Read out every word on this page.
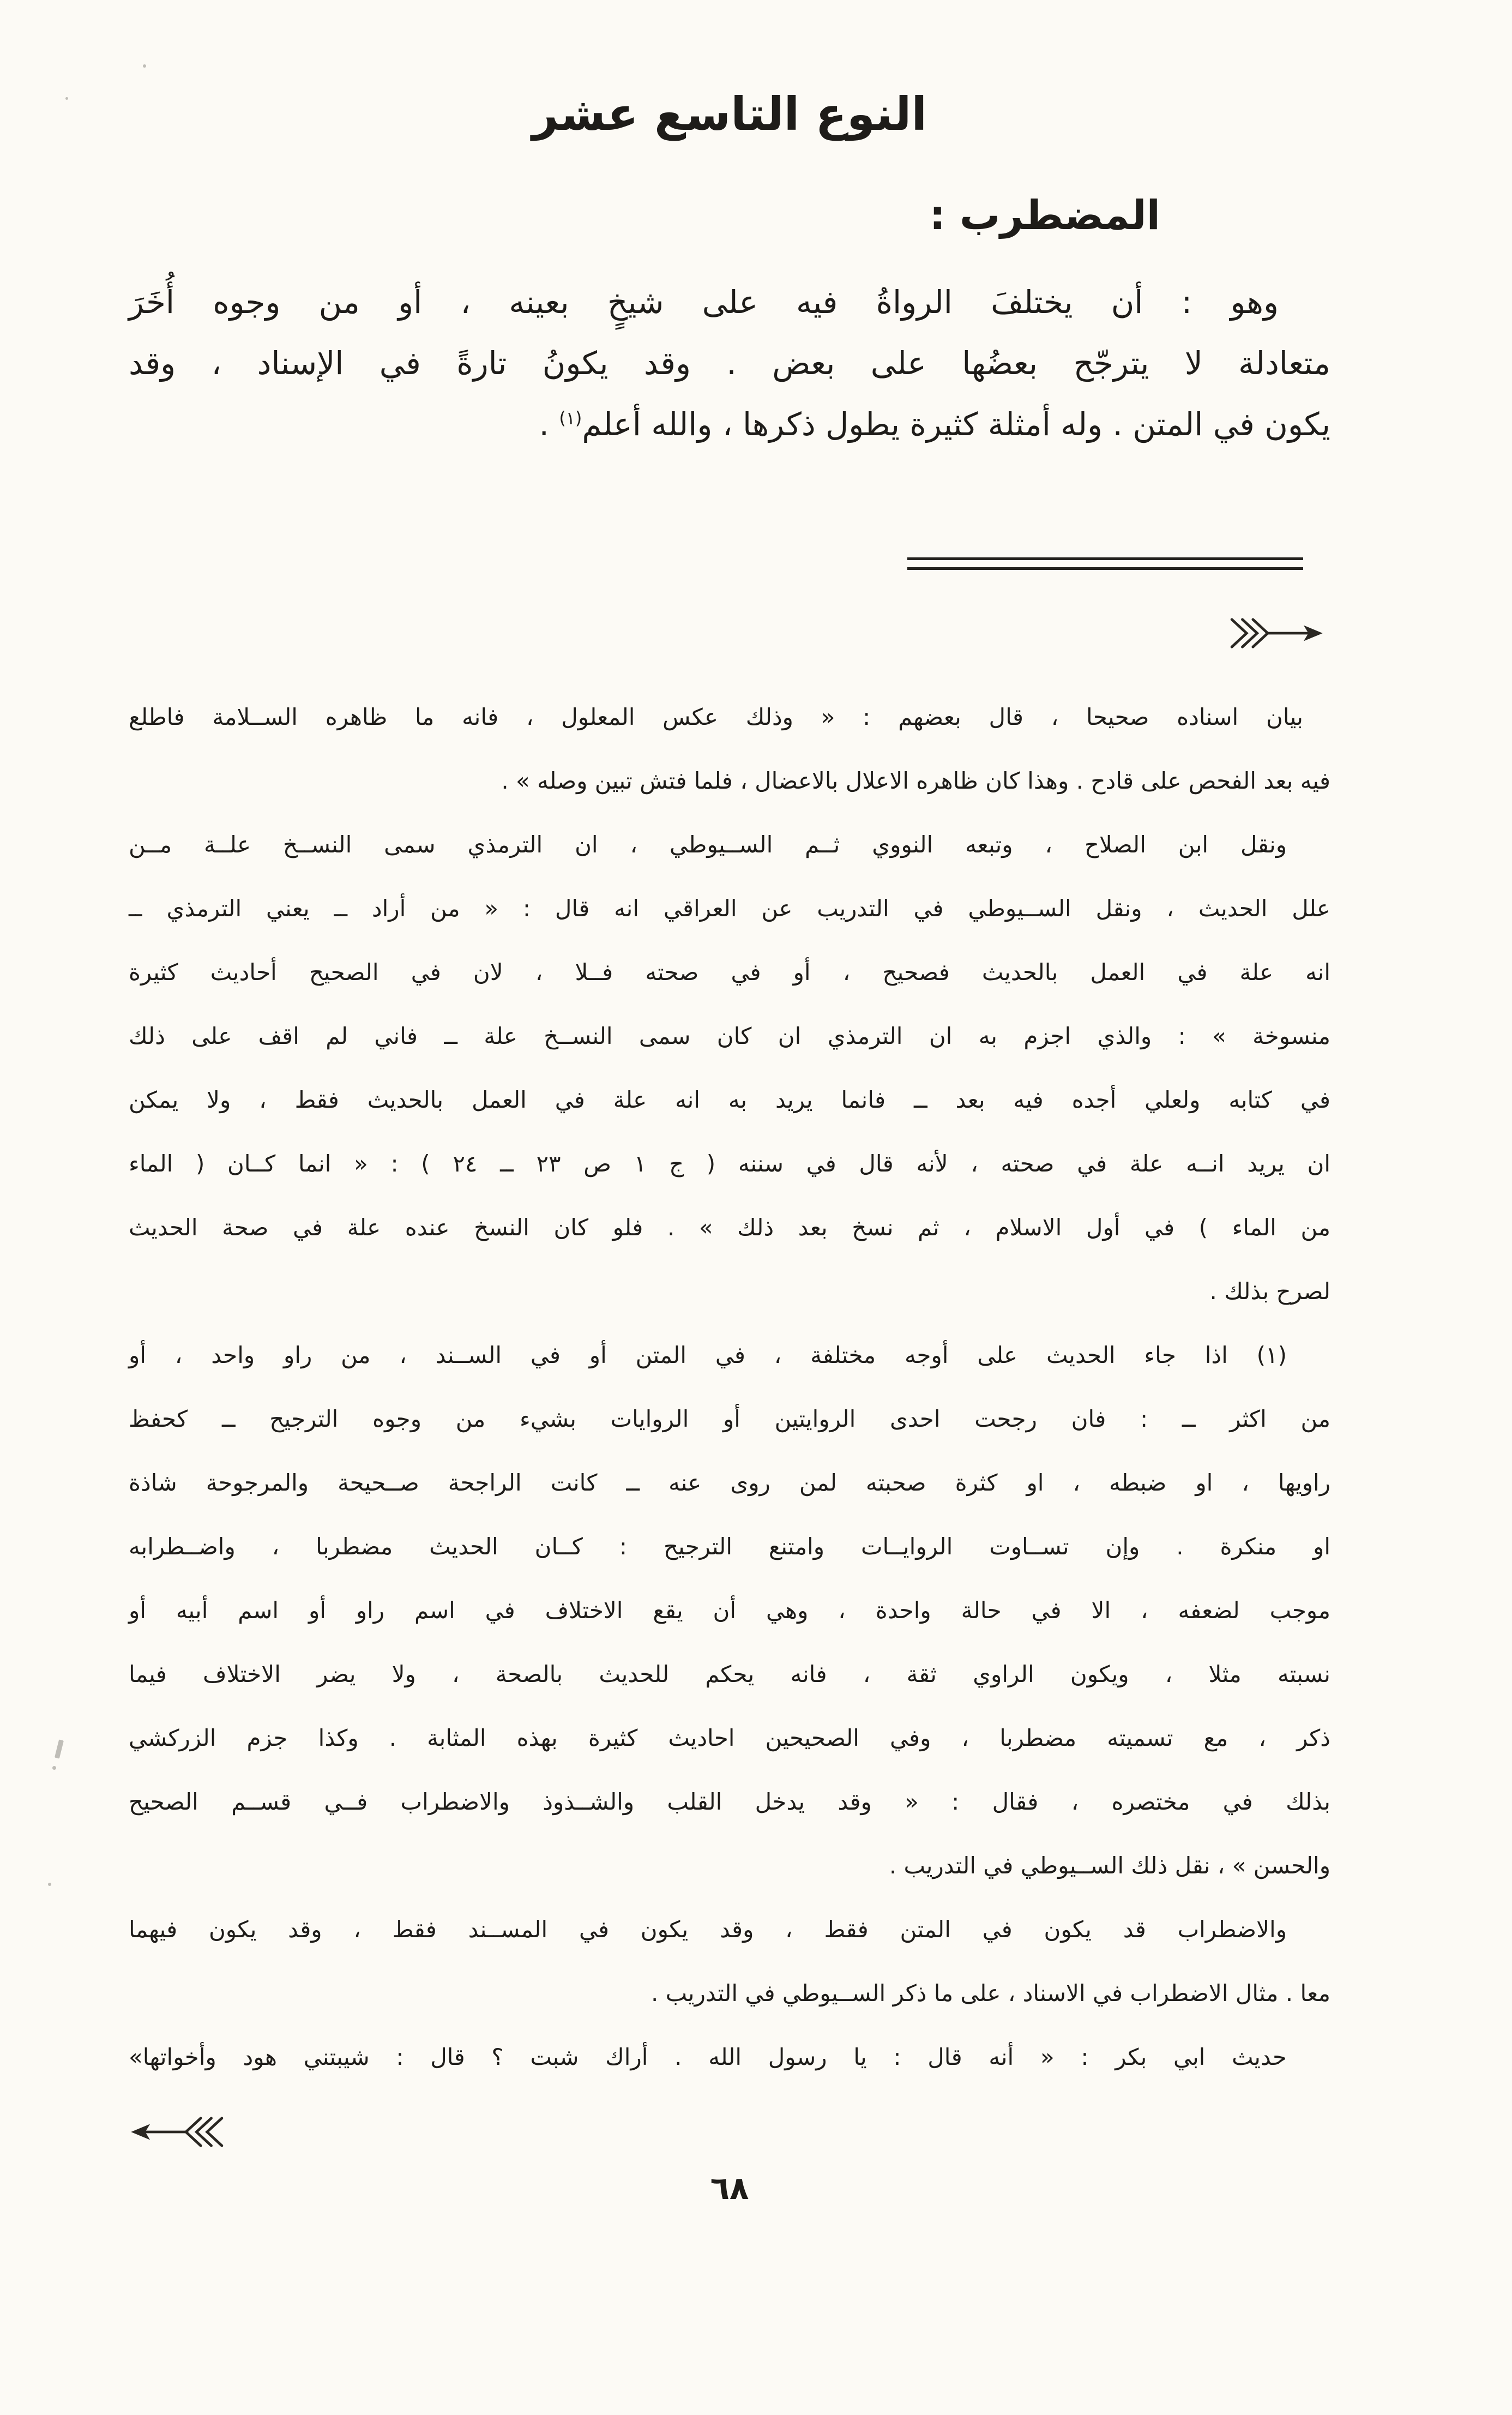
النوع التاسع عشر
المضطرب :
وهو : أن يختلفَ الرواةُ فيه على شيخٍ بعينه ، أو من وجوه أُخَرَ
متعادلة لا يترجّح بعضُها على بعض . وقد يكونُ تارةً في الإسناد ، وقد
يكون في المتن . وله أمثلة كثيرة يطول ذكرها ، والله أعلم$^{(١)}$ .
بيان اسناده صحيحا ، قال بعضهم : « وذلك عكس المعلول ، فانه ما ظاهره الســلامة فاطلع
فيه بعد الفحص على قادح . وهذا كان ظاهره الاعلال بالاعضال ، فلما فتش تبين وصله » .
ونقل ابن الصلاح ، وتبعه النووي ثــم الســيوطي ، ان الترمذي سمى النســخ علــة مــن
علل الحديث ، ونقل الســيوطي في التدريب عن العراقي انه قال : « من أراد ــ يعني الترمذي ــ
انه علة في العمل بالحديث فصحيح ، أو في صحته فــلا ، لان في الصحيح أحاديث كثيرة
منسوخة » : والذي اجزم به ان الترمذي ان كان سمى النســخ علة ــ فاني لم اقف على ذلك
في كتابه ولعلي أجده فيه بعد ــ فانما يريد به انه علة في العمل بالحديث فقط ، ولا يمكن
ان يريد انــه علة في صحته ، لأنه قال في سننه ( ج ١ ص ٢٣ ــ ٢٤ ) : « انما كــان ( الماء
من الماء ) في أول الاسلام ، ثم نسخ بعد ذلك » . فلو كان النسخ عنده علة في صحة الحديث
لصرح بذلك .
(١) اذا جاء الحديث على أوجه مختلفة ، في المتن أو في الســند ، من راو واحد ، أو
من اكثر ــ : فان رجحت احدى الروايتين أو الروايات بشيء من وجوه الترجيح ــ كحفظ
راويها ، او ضبطه ، او كثرة صحبته لمن روى عنه ــ كانت الراجحة صــحيحة والمرجوحة شاذة
او منكرة . وإن تســاوت الروايــات وامتنع الترجيح : كــان الحديث مضطربا ، واضــطرابه
موجب لضعفه ، الا في حالة واحدة ، وهي أن يقع الاختلاف في اسم راو أو اسم أبيه أو
نسبته مثلا ، ويكون الراوي ثقة ، فانه يحكم للحديث بالصحة ، ولا يضر الاختلاف فيما
ذكر ، مع تسميته مضطربا ، وفي الصحيحين احاديث كثيرة بهذه المثابة . وكذا جزم الزركشي
بذلك في مختصره ، فقال : « وقد يدخل القلب والشــذوذ والاضطراب فــي قســم الصحيح
والحسن » ، نقل ذلك الســيوطي في التدريب .
والاضطراب قد يكون في المتن فقط ، وقد يكون في المســند فقط ، وقد يكون فيهما
معا . مثال الاضطراب في الاسناد ، على ما ذكر الســيوطي في التدريب .
حديث ابي بكر : « أنه قال : يا رسول الله . أراك شبت ؟ قال : شيبتني هود وأخواتها»
٦٨
